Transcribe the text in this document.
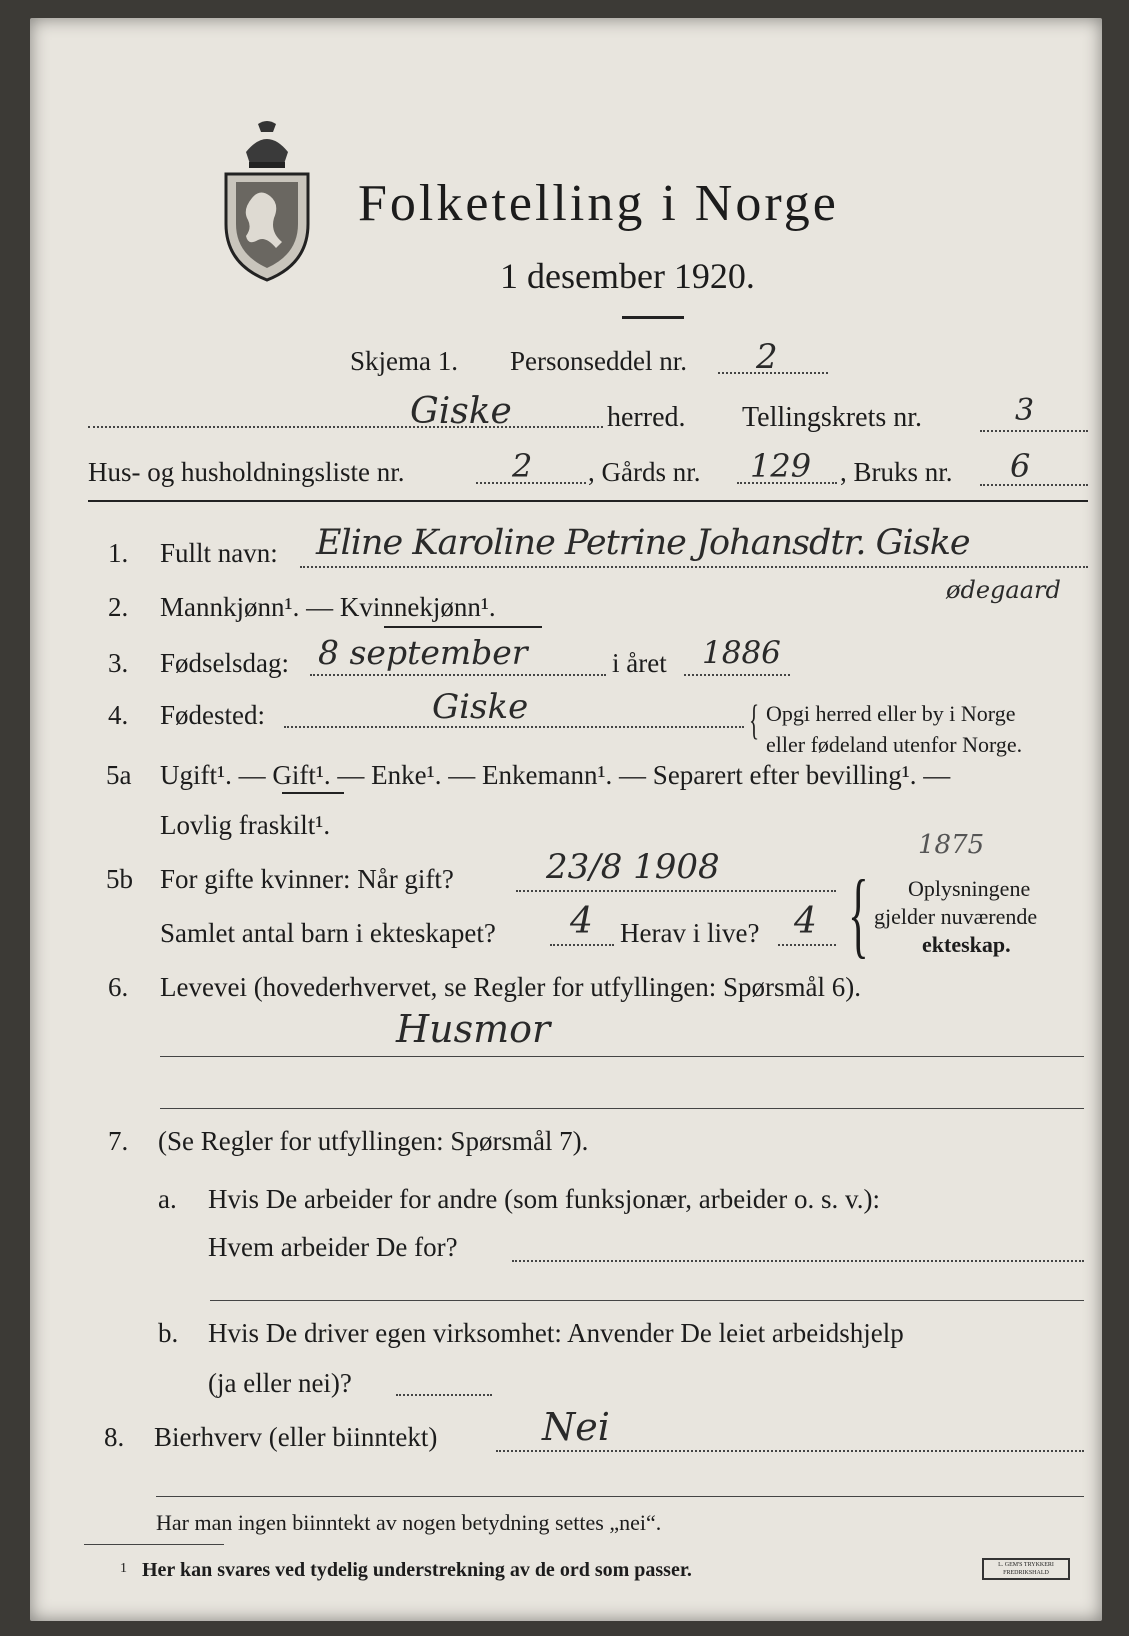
Folketelling i Norge
1 desember 1920.
Skjema 1. Personseddel nr. 2
Giske	herred. Tellingskrets nr.	3
Hus- og husholdningsliste nr.	2 , Gårds nr. 129 , Bruks nr. 6
1. Fullt navn: Eline Karoline Petrine Johansdtr. Giske
ødegaard
2. Mannkjønn¹. — Kvinnekjønn¹.
3. Fødselsdag: 8 september	i året 1886
4. Fødested:	Giske	{ Opgi herred eller by i Norge
eller fødeland utenfor Norge.
5a Ugift¹. — Gift¹. — Enke¹. — Enkemann¹. — Separert efter bevilling¹. —
Lovlig fraskilt¹.
1875
5b For gifte kvinner: Når gift?	23/8 1908
Samlet antal barn i ekteskapet? 4 Herav i live? 4 { Oplysningene
gjelder nuværende
ekteskap.
6. Levevei (hovederhvervet, se Regler for utfyllingen: Spørsmål 6).
Husmor
7. (Se Regler for utfyllingen: Spørsmål 7).
a. Hvis De arbeider for andre (som funksjonær, arbeider o. s. v.):
Hvem arbeider De for?
b. Hvis De driver egen virksomhet: Anvender De leiet arbeidshjelp
(ja eller nei)?
8. Bierhverv (eller biinntekt)	Nei
Har man ingen biinntekt av nogen betydning settes „nei“.
1 Her kan svares ved tydelig understrekning av de ord som passer.	L. GEM'S TRYKKERI FREDRIKSHALD
